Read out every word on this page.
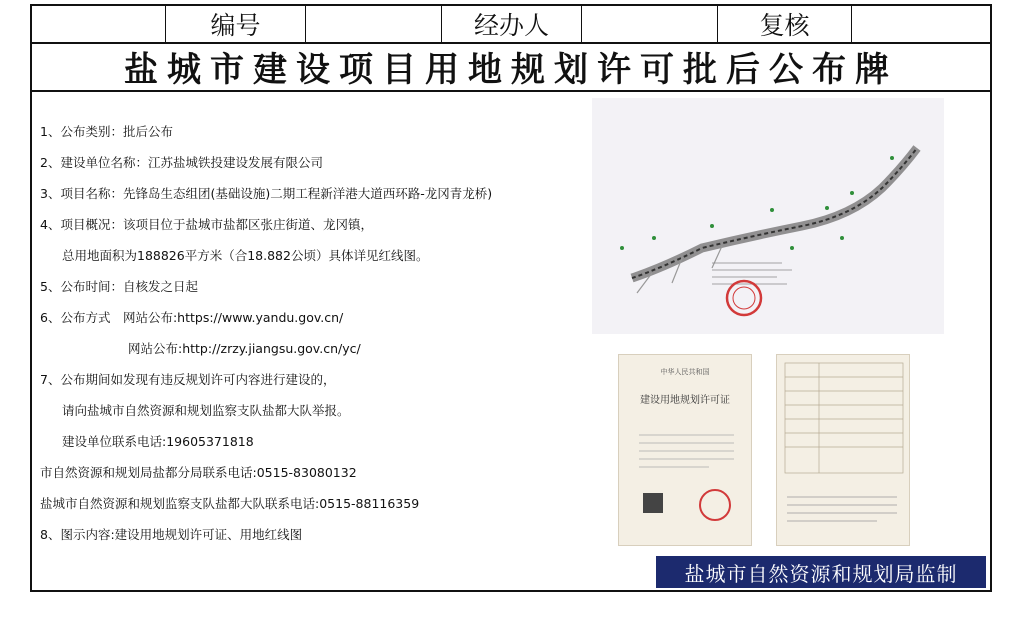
编号	经办人	复核
盐城市建设项目用地规划许可批后公布牌
1、公布类别：批后公布
2、建设单位名称：江苏盐城铁投建设发展有限公司
3、项目名称：先锋岛生态组团(基础设施)二期工程新洋港大道西环路-龙冈青龙桥)
4、项目概况：该项目位于盐城市盐都区张庄街道、龙冈镇，
总用地面积为188826平方米（合18.882公顷）具体详见红线图。
5、公布时间：自核发之日起
6、公布方式　网站公布:https://www.yandu.gov.cn/
网站公布:http://zrzy.jiangsu.gov.cn/yc/
7、公布期间如发现有违反规划许可内容进行建设的，
请向盐城市自然资源和规划监察支队盐都大队举报。
建设单位联系电话:19605371818
市自然资源和规划局盐都分局联系电话:0515-83080132
盐城市自然资源和规划监察支队盐都大队联系电话:0515-88116359
8、图示内容:建设用地规划许可证、用地红线图
中华人民共和国
建设用地规划许可证
盐城市自然资源和规划局监制
